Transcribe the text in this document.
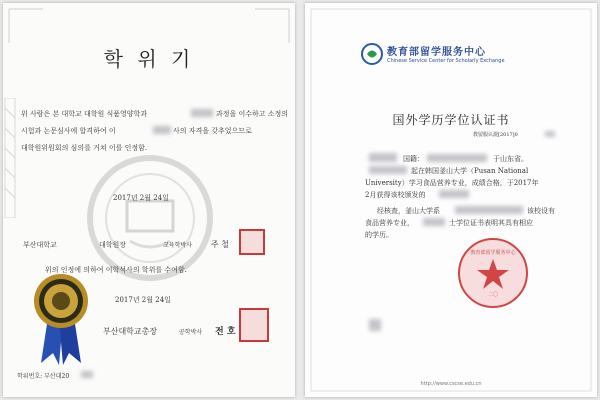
학 위 기
위 사람은 본 대학교 대학원 식품영양학과	과정을 이수하고 소정의
시험과 논문심사에 합격하여 이	사의 자격을 갖추었으므로
대학원위원회의 심의를 거쳐 이를 인정함.
2017년 2월 24일
부산대학교	대학원장	교육학박사 주 철
위의 인정에 의하여 이학석사의 학위를 수여함.
2017년 2월 24일
부산대학교총장	공학박사 전 호
학위번호: 부산대20
教育部留学服务中心
Chinese Service Center for Scholarly Exchange
国外学历学位认证书
教留服认證[2017]0
国籍：	于山东省。
起在韩国釜山大学（Pusan National
University）学习食品营养专业，成绩合格，于2017年
2月获得该校颁发的
经核查，釜山大学系	该校设有
食品营养专业，	士学位证书表明其具有相应
的学历。
教育部留学服务中心
二〇
http://www.cscse.edu.cn
